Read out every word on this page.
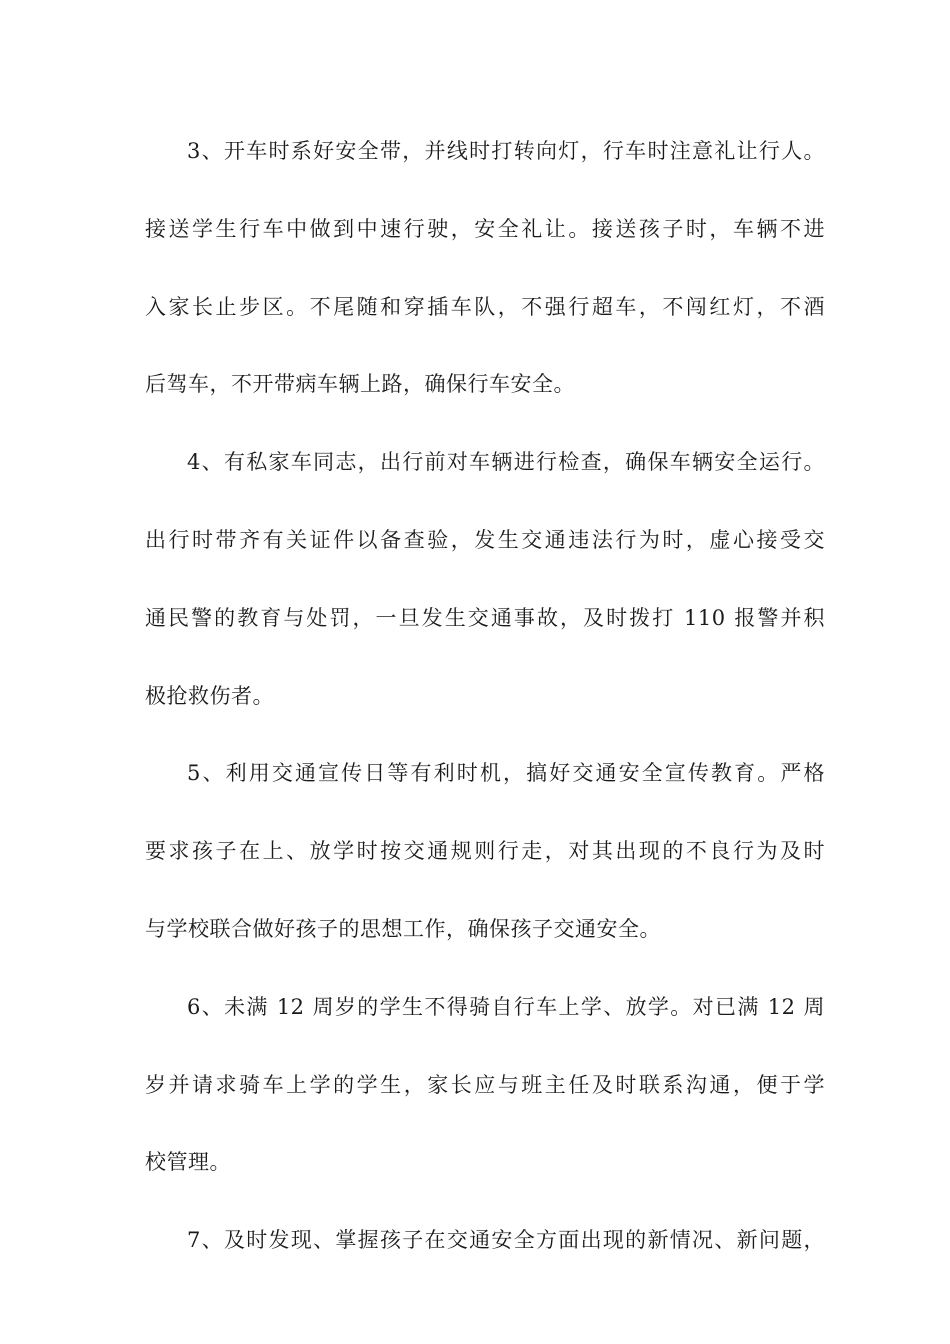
3、开车时系好安全带，并线时打转向灯，行车时注意礼让行人。
接送学生行车中做到中速行驶，安全礼让。接送孩子时，车辆不进
入家长止步区。不尾随和穿插车队，不强行超车，不闯红灯，不酒
后驾车，不开带病车辆上路，确保行车安全。
4、有私家车同志，出行前对车辆进行检查，确保车辆安全运行。
出行时带齐有关证件以备查验，发生交通违法行为时，虚心接受交
通民警的教育与处罚，一旦发生交通事故，及时拨打 110 报警并积
极抢救伤者。
5、利用交通宣传日等有利时机，搞好交通安全宣传教育。严格
要求孩子在上、放学时按交通规则行走，对其出现的不良行为及时
与学校联合做好孩子的思想工作，确保孩子交通安全。
6、未满 12 周岁的学生不得骑自行车上学、放学。对已满 12 周
岁并请求骑车上学的学生，家长应与班主任及时联系沟通，便于学
校管理。
7、及时发现、掌握孩子在交通安全方面出现的新情况、新问题，
